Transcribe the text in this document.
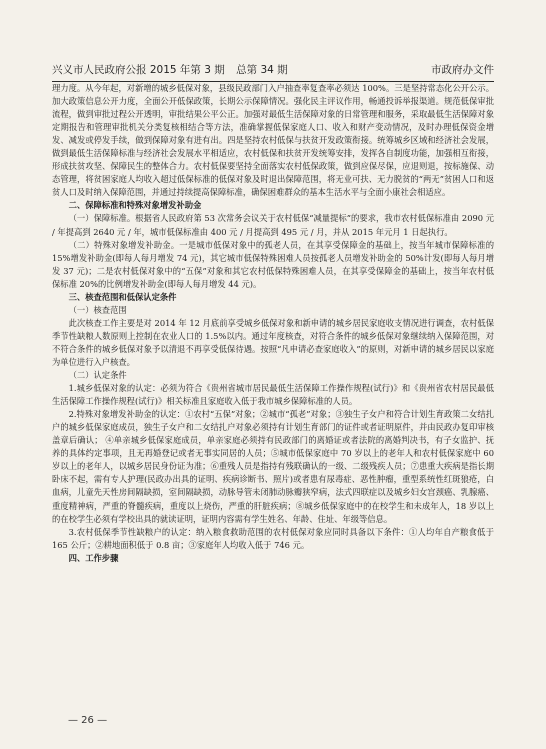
兴义市人民政府公报 2015 年第 3 期 总第 34 期	市政府办文件

理力度。从今年起，对新增的城乡低保对象，县级民政部门入户抽查率复查率必须达 100%。三是坚持常态化公开公示。加大政策信息公开力度，全面公开低保政策，长期公示保障情况。强化民主评议作用，畅通投诉举报渠道。规范低保审批流程，做到审批过程公开透明，审批结果公平公正。加强对最低生活保障对象的日常管理和服务，采取最低生活保障对象定期报告和管理审批机关分类复核相结合等方法，准确掌握低保家庭人口、收入和财产变动情况，及时办理低保资金增发、减发或停发手续，做到保障对象有进有出。四是坚持农村低保与扶贫开发政策衔接。统筹城乡区域和经济社会发展，做到最低生活保障标准与经济社会发展水平相适应，农村低保和扶贫开发统筹安排，发挥各自制度功能，加强相互衔接，形成扶贫攻坚、保障民生的整体合力。农村低保要坚持全面落实农村低保政策，做到应保尽保，应退则退，按标施保、动态管理，将贫困家庭人均收入超过低保标准的低保对象及时退出保障范围，将无业可扶、无力脱贫的“两无”贫困人口和返贫人口及时纳入保障范围，并通过持续提高保障标准，确保困难群众的基本生活水平与全面小康社会相适应。

二、保障标准和特殊对象增发补助金

（一）保障标准。根据省人民政府第 53 次常务会议关于农村低保“减量提标”的要求，我市农村低保标准由 2090 元 / 年提高到 2640 元 / 年，城市低保标准由 400 元 / 月提高到 495 元 / 月，并从 2015 年元月 1 日起执行。

（二）特殊对象增发补助金。一是城市低保对象中的孤老人员，在其享受保障金的基础上，按当年城市保障标准的 15%增发补助金(即每人每月增发 74 元)，其它城市低保特殊困难人员按孤老人员增发补助金的 50%计发(即每人每月增发 37 元)；二是农村低保对象中的“五保”对象和其它农村低保特殊困难人员，在其享受保障金的基础上，按当年农村低保标准 20%的比例增发补助金(即每人每月增发 44 元)。

三、核查范围和低保认定条件

（一）核查范围

此次核查工作主要是对 2014 年 12 月底前享受城乡低保对象和新申请的城乡居民家庭收支情况进行调查，农村低保季节性缺粮人数原则上控制在农业人口的 1.5%以内。通过年度核查，对符合条件的城乡低保对象继续纳入保障范围，对不符合条件的城乡低保对象予以清退不再享受低保待遇。按照“凡申请必查家庭收入”的原则，对新申请的城乡居民以家庭为单位进行入户核查。

（二）认定条件

1.城乡低保对象的认定：必须为符合《贵州省城市居民最低生活保障工作操作规程(试行)》和《贵州省农村居民最低生活保障工作操作规程(试行)》相关标准且家庭收入低于我市城乡保障标准的人员。

2.特殊对象增发补助金的认定：①农村“五保”对象；②城市“孤老”对象；③独生子女户和符合计划生育政策二女结扎户的城乡低保家庭成员，独生子女户和二女结扎户对象必须持有计划生育部门的证件或者证明原件，并由民政办复印审核盖章后确认； ④单亲城乡低保家庭成员，单亲家庭必须持有民政部门的离婚证或者法院的离婚判决书，有子女监护、抚养的具体约定事项，且无再婚登记或者无事实同居的人员；⑤城市低保家庭中 70 岁以上的老年人和农村低保家庭中 60 岁以上的老年人，以城乡居民身份证为准；⑥重残人员是指持有残联确认的一级、二级残疾人员；⑦患重大疾病是指长期卧床不起，需有专人护理(民政办出具的证明、疾病诊断书、照片)或者患有尿毒症、恶性肿瘤，重型系统性红斑狼疮，白血病，儿童先天性房间隔缺损，室间隔缺损，动脉导管未闭肺动脉瓣狭窄病，法式四联症以及城乡妇女宫颈癌、乳腺癌、重度精神病，严重的脊髓疾病，重度以上烧伤，严重的肝脏疾病；⑧城乡低保家庭中的在校学生和未成年人，18 岁以上的在校学生必须有学校出具的就读证明，证明内容需有学生姓名、年龄、住址、年级等信息。

3.农村低保季节性缺粮户的认定：纳入粮食救助范围的农村低保对象应同时具备以下条件：①人均年自产粮食低于 165 公斤；②耕地面积低于 0.8 亩；③家庭年人均收入低于 746 元。

四、工作步骤

— 26 —
